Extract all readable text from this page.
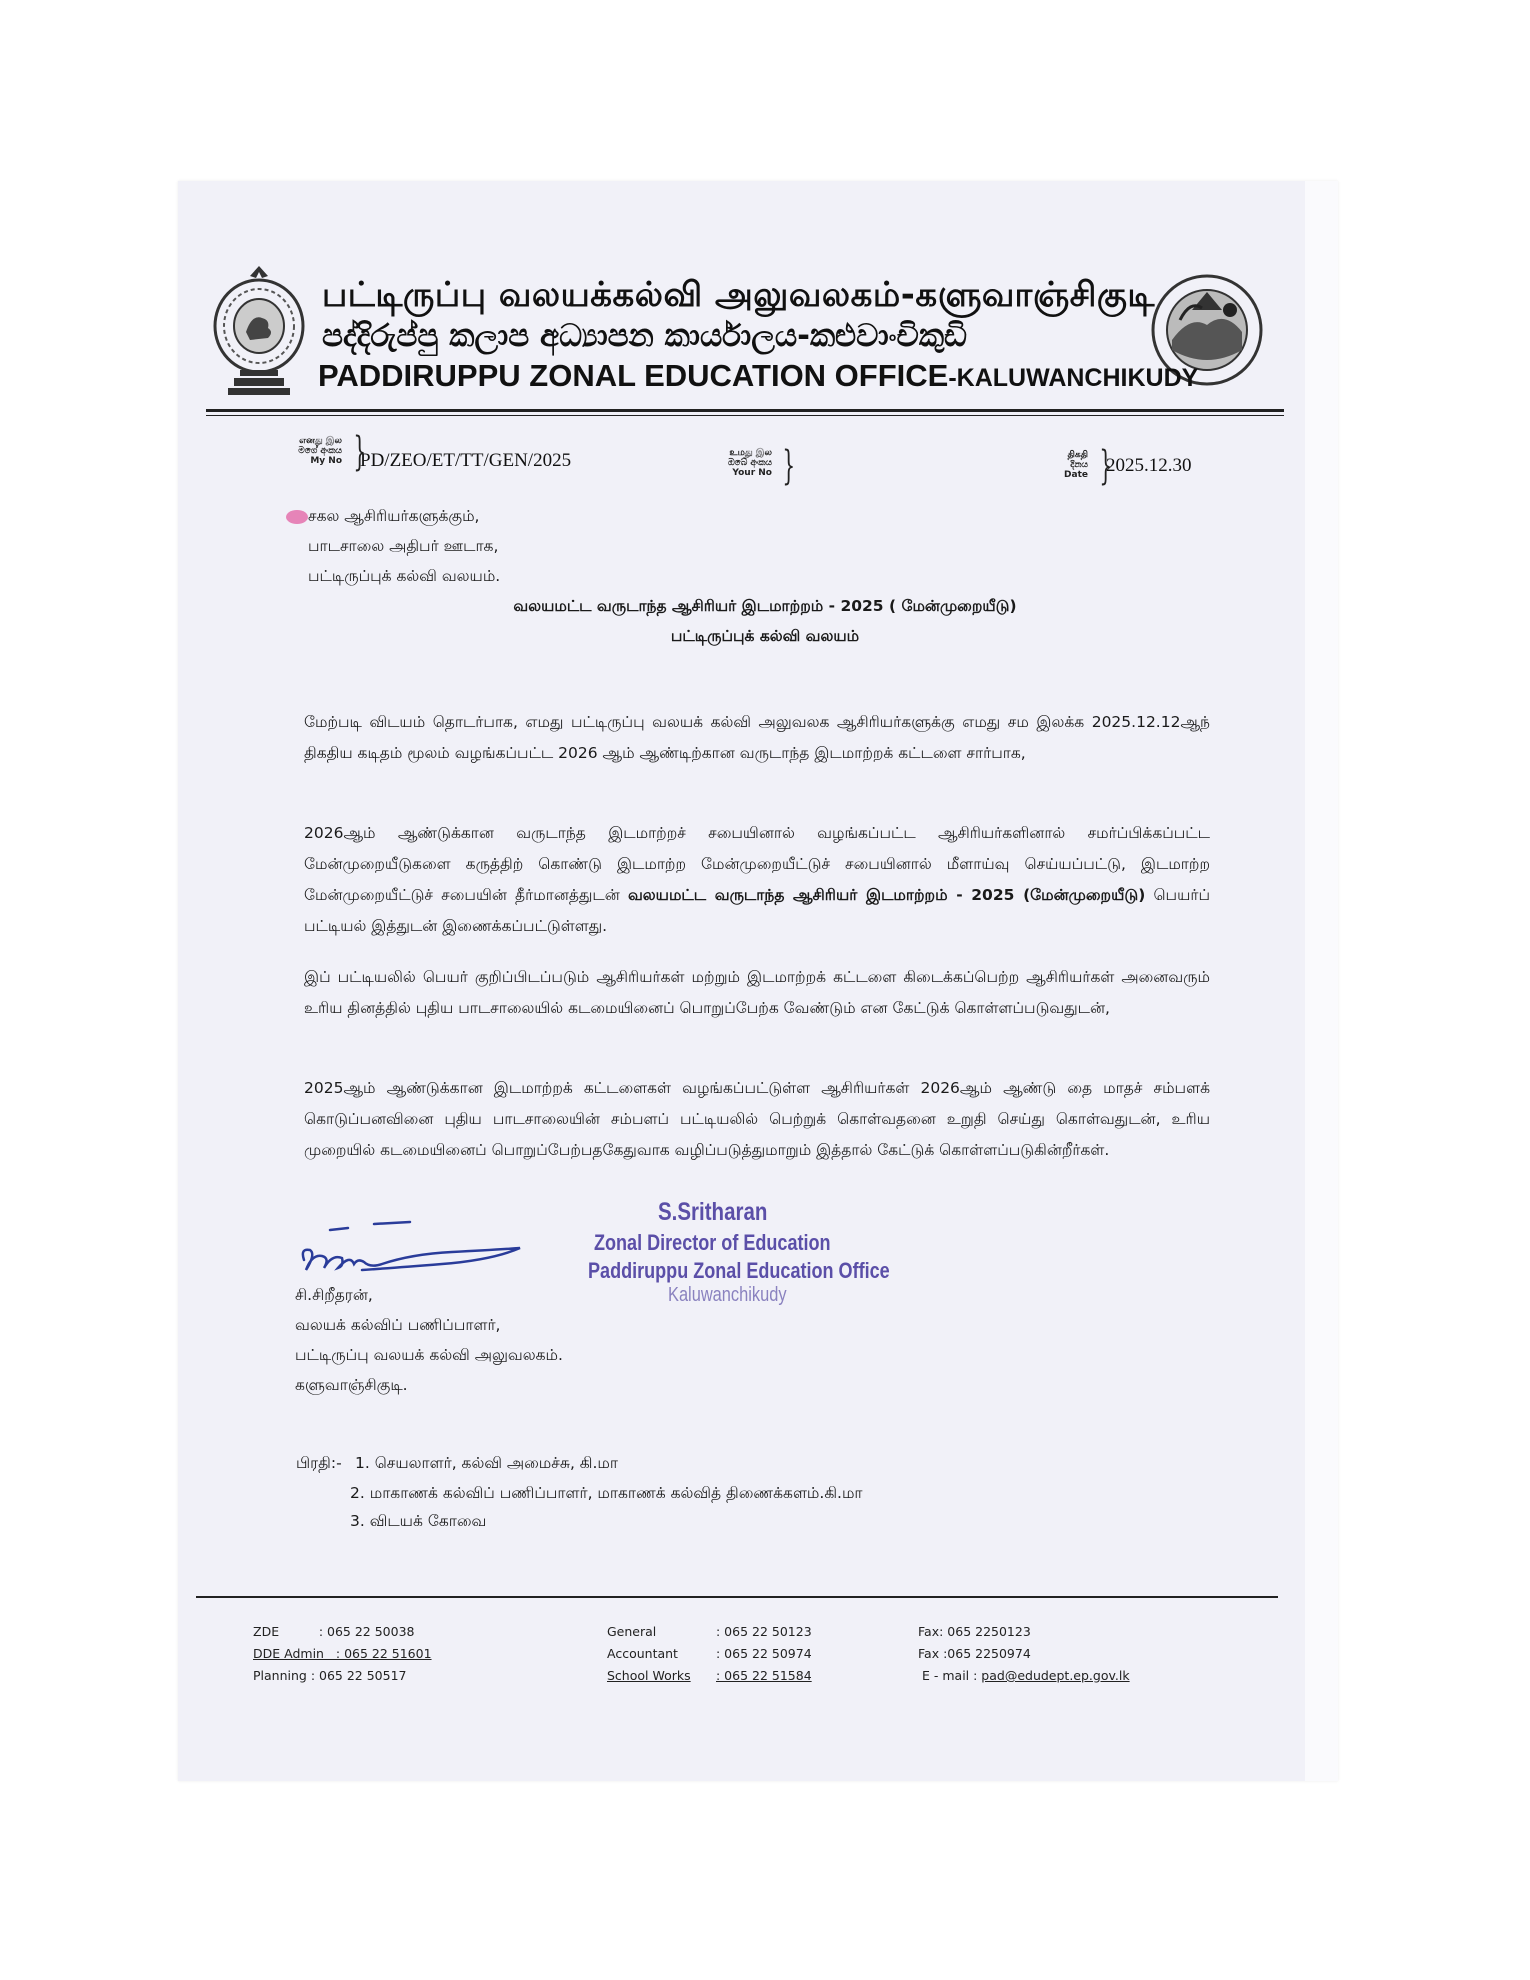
பட்டிருப்பு வலயக்கல்வி அலுவலகம்-களுவாஞ்சிகுடி
පද්දිරුප්පු කලාප අධ්‍යාපන කාර්යාලය-කළුවාංචිකුඩි
PADDIRUPPU ZONAL EDUCATION OFFICE-KALUWANCHIKUDY
எனது இல
මගේ අංකය
My No }
PD/ZEO/ET/TT/GEN/2025	உமது இல
ඔබේ අංකය
Your No }	திகதி
දිනය
Date }
2025.12.30
சகல ஆசிரியர்களுக்கும்,
பாடசாலை அதிபர் ஊடாக,
பட்டிருப்புக் கல்வி வலயம்.
வலயமட்ட வருடாந்த ஆசிரியர் இடமாற்றம் - 2025 ( மேன்முறையீடு)
பட்டிருப்புக் கல்வி வலயம்
மேற்படி விடயம் தொடர்பாக, எமது பட்டிருப்பு வலயக் கல்வி அலுவலக ஆசிரியர்களுக்கு எமது சம இலக்க 2025.12.12ஆந் திகதிய கடிதம் மூலம் வழங்கப்பட்ட 2026 ஆம் ஆண்டிற்கான வருடாந்த இடமாற்றக் கட்டளை சார்பாக,
2026ஆம் ஆண்டுக்கான வருடாந்த இடமாற்றச் சபையினால் வழங்கப்பட்ட ஆசிரியர்களினால் சமர்ப்பிக்கப்பட்ட மேன்முறையீடுகளை கருத்திற் கொண்டு இடமாற்ற மேன்முறையீட்டுச் சபையினால் மீளாய்வு செய்யப்பட்டு, இடமாற்ற மேன்முறையீட்டுச் சபையின் தீர்மானத்துடன் வலயமட்ட வருடாந்த ஆசிரியர் இடமாற்றம் - 2025 (மேன்முறையீடு) பெயர்ப் பட்டியல் இத்துடன் இணைக்கப்பட்டுள்ளது.
இப் பட்டியலில் பெயர் குறிப்பிடப்படும் ஆசிரியர்கள் மற்றும் இடமாற்றக் கட்டளை கிடைக்கப்பெற்ற ஆசிரியர்கள் அனைவரும் உரிய தினத்தில் புதிய பாடசாலையில் கடமையினைப் பொறுப்பேற்க வேண்டும் என கேட்டுக் கொள்ளப்படுவதுடன்,
2025ஆம் ஆண்டுக்கான இடமாற்றக் கட்டளைகள் வழங்கப்பட்டுள்ள ஆசிரியர்கள் 2026ஆம் ஆண்டு தை மாதச் சம்பளக் கொடுப்பனவினை புதிய பாடசாலையின் சம்பளப் பட்டியலில் பெற்றுக் கொள்வதனை உறுதி செய்து கொள்வதுடன், உரிய முறையில் கடமையினைப் பொறுப்பேற்பதகேதுவாக வழிப்படுத்துமாறும் இத்தால் கேட்டுக் கொள்ளப்படுகின்றீர்கள்.
S.Sritharan
Zonal Director of Education
Paddiruppu Zonal Education Office
Kaluwanchikudy
சி.சிறீதரன்,
வலயக் கல்விப் பணிப்பாளர்,
பட்டிருப்பு வலயக் கல்வி அலுவலகம்.
களுவாஞ்சிகுடி.
பிரதி:- 1. செயலாளர், கல்வி அமைச்சு, கி.மா
2. மாகாணக் கல்விப் பணிப்பாளர், மாகாணக் கல்வித் திணைக்களம்.கி.மா
3. விடயக் கோவை
ZDE          : 065 22 50038
DDE Admin   : 065 22 51601
Planning : 065 22 50517
General	: 065 22 50123
Accountant	: 065 22 50974
School Works : 065 22 51584
Fax: 065 2250123
Fax :065 2250974
E - mail : pad@edudept.ep.gov.lk
